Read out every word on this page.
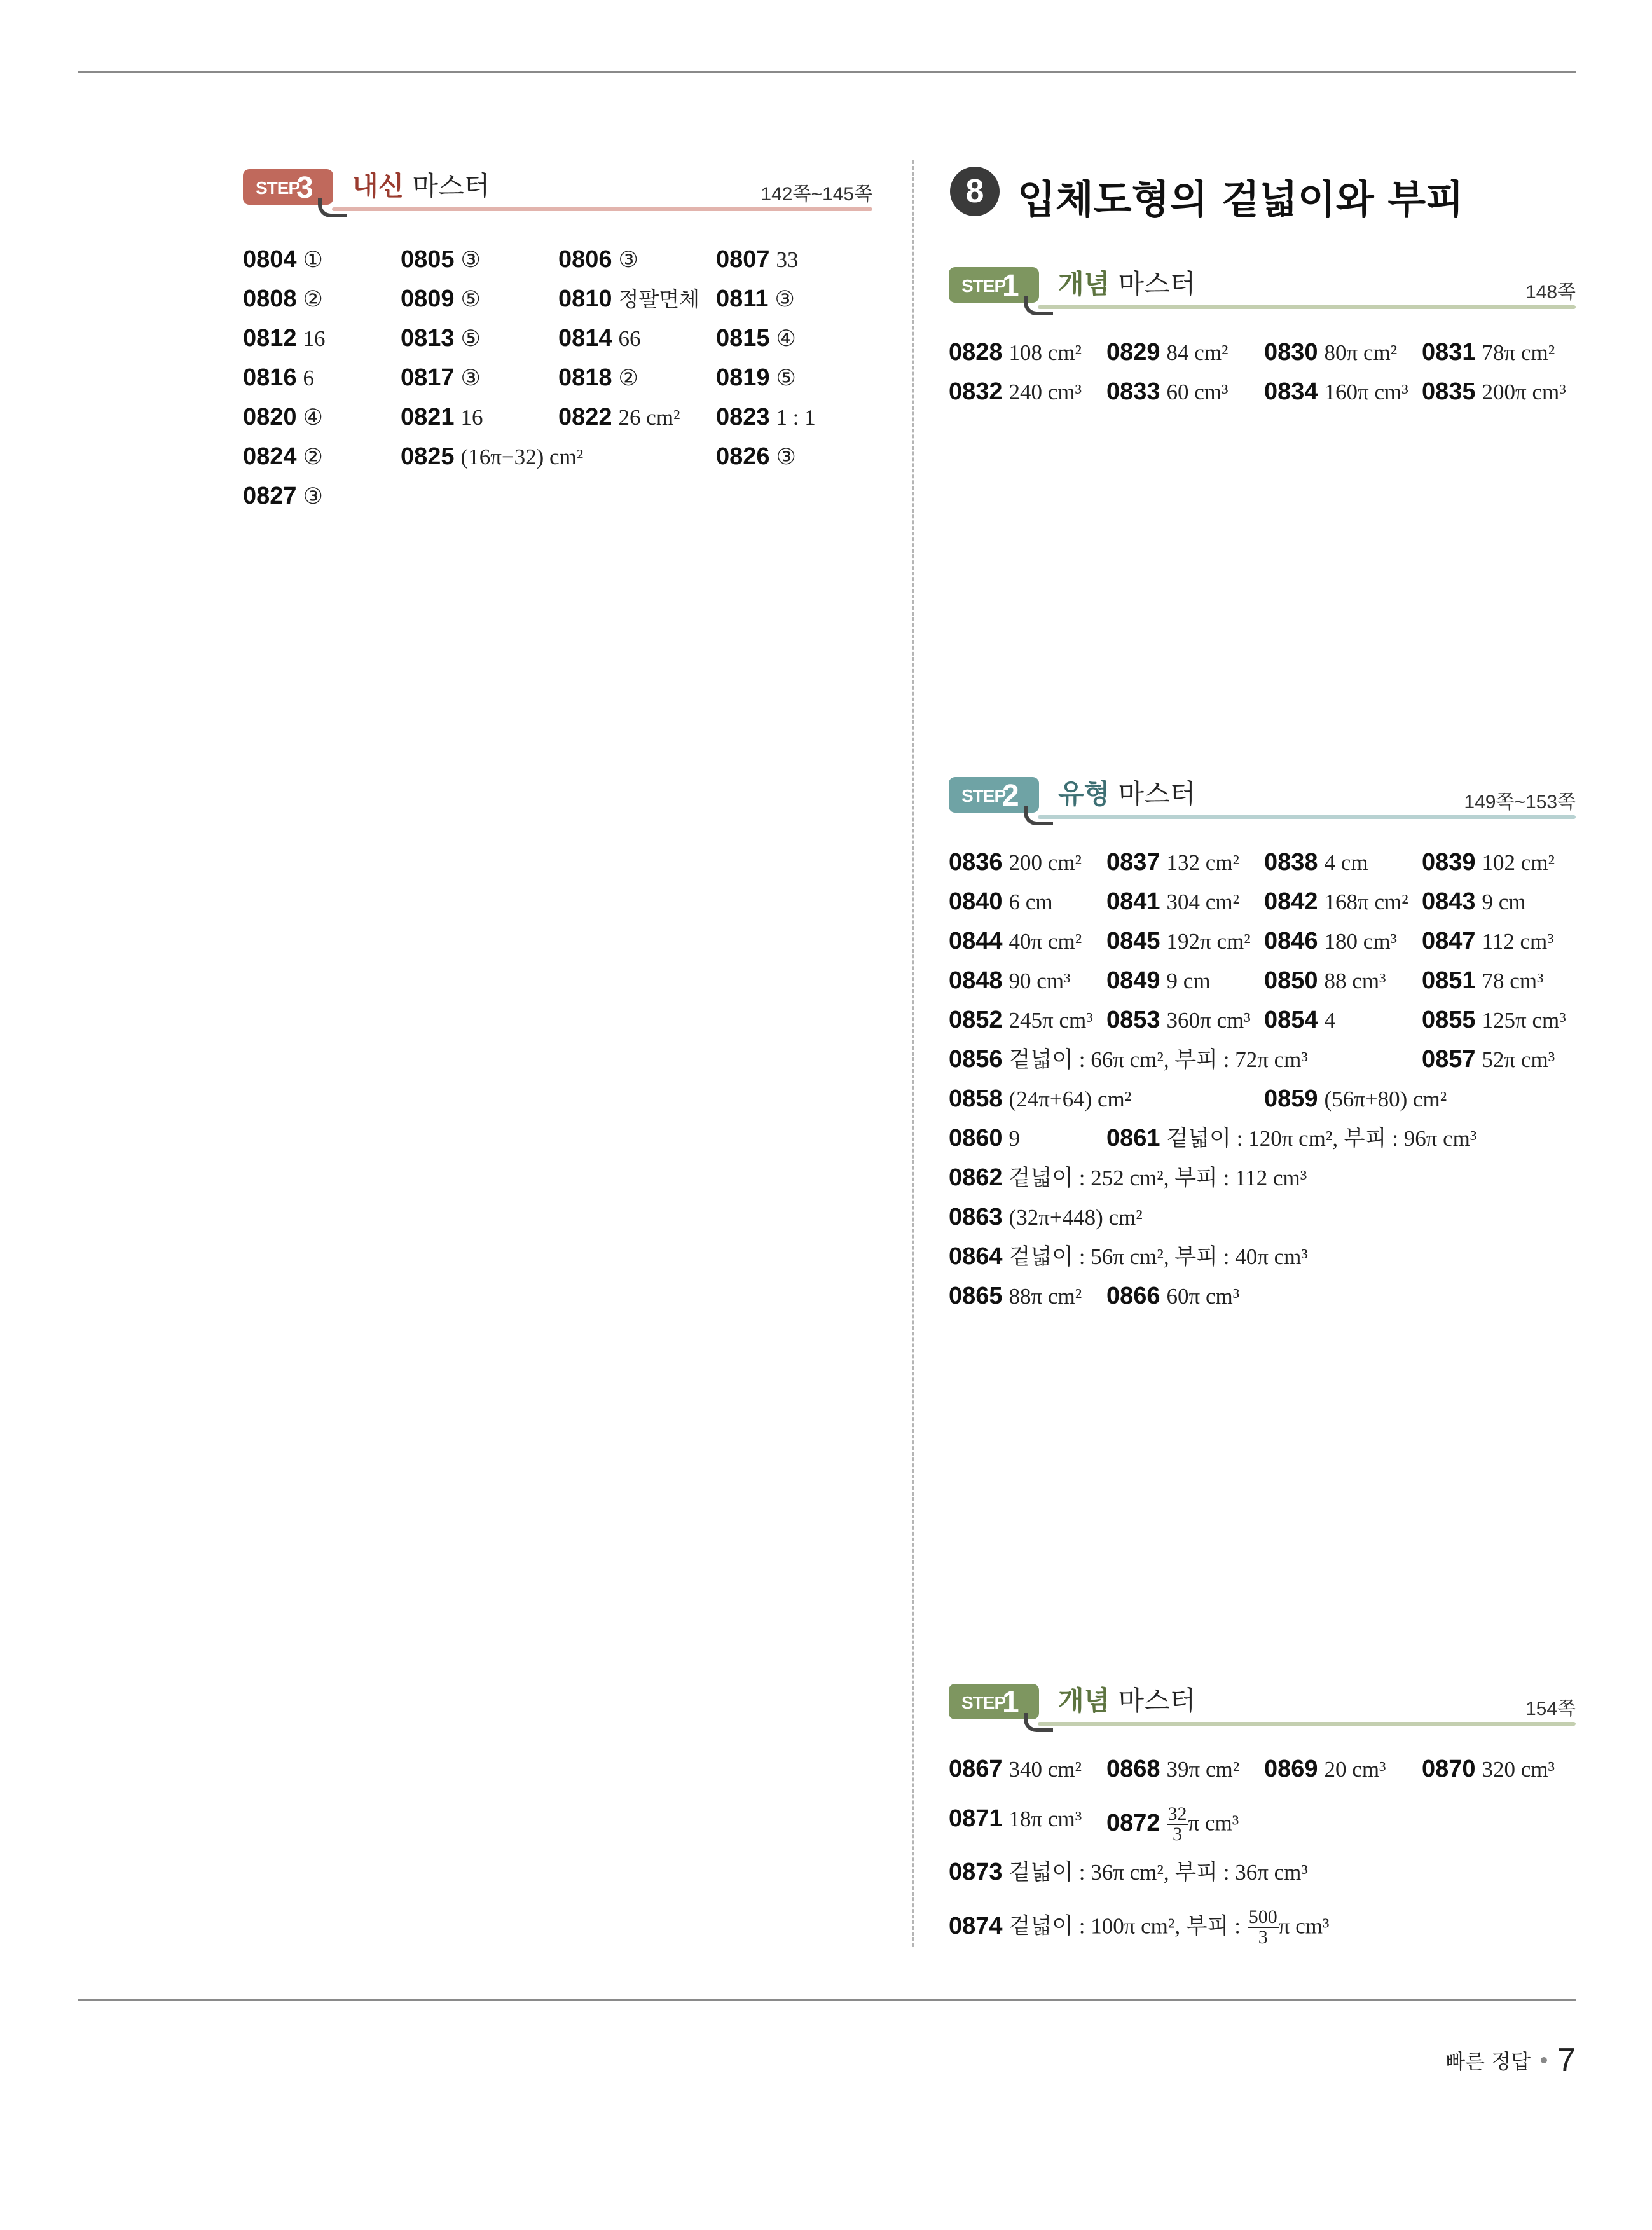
STEP
3 내신 마스터	142쪽~145쪽
0804 ①	0805 ③	0806 ③	0807 33
0808 ②	0809 ⑤	0810 정팔면체 0811 ③
0812 16	0813 ⑤	0814 66	0815 ④
0816 6	0817 ③	0818 ②	0819 ⑤
0820 ④	0821 16	0822 26 cm² 0823 1 : 1
0824 ②	0825 (16π−32) cm²	0826 ③
0827 ③
8 입체도형의 겉넓이와 부피
STEP
1 개념 마스터	148쪽
0828 108 cm² 0829 84 cm² 0830 80π cm² 0831 78π cm²
0832 240 cm³ 0833 60 cm³ 0834 160π cm³ 0835 200π cm³
STEP
2 유형 마스터	149쪽~153쪽
0836 200 cm² 0837 132 cm² 0838 4 cm 0839 102 cm²
0840 6 cm 0841 304 cm² 0842 168π cm² 0843 9 cm
0844 40π cm² 0845 192π cm² 0846 180 cm³ 0847 112 cm³
0848 90 cm³ 0849 9 cm 0850 88 cm³ 0851 78 cm³
0852 245π cm³ 0853 360π cm³ 0854 4	0855 125π cm³
0856 겉넓이 : 66π cm², 부피 : 72π cm³	0857 52π cm³
0858 (24π+64) cm²	0859 (56π+80) cm²
0860 9	0861 겉넓이 : 120π cm², 부피 : 96π cm³
0862 겉넓이 : 252 cm², 부피 : 112 cm³
0863 (32π+448) cm²
0864 겉넓이 : 56π cm², 부피 : 40π cm³
0865 88π cm² 0866 60π cm³
STEP
1 개념 마스터	154쪽
0867 340 cm² 0868 39π cm² 0869 20 cm³ 0870 320 cm³
0871 18π cm³ $0872 \frac{32}{3}$ π cm³
0873 겉넓이 : 36π cm², 부피 : 36π cm³
0874 겉넓이 : 100π cm², 부피 : $\frac{500}{3}$ π cm³
빠른 정답 7
